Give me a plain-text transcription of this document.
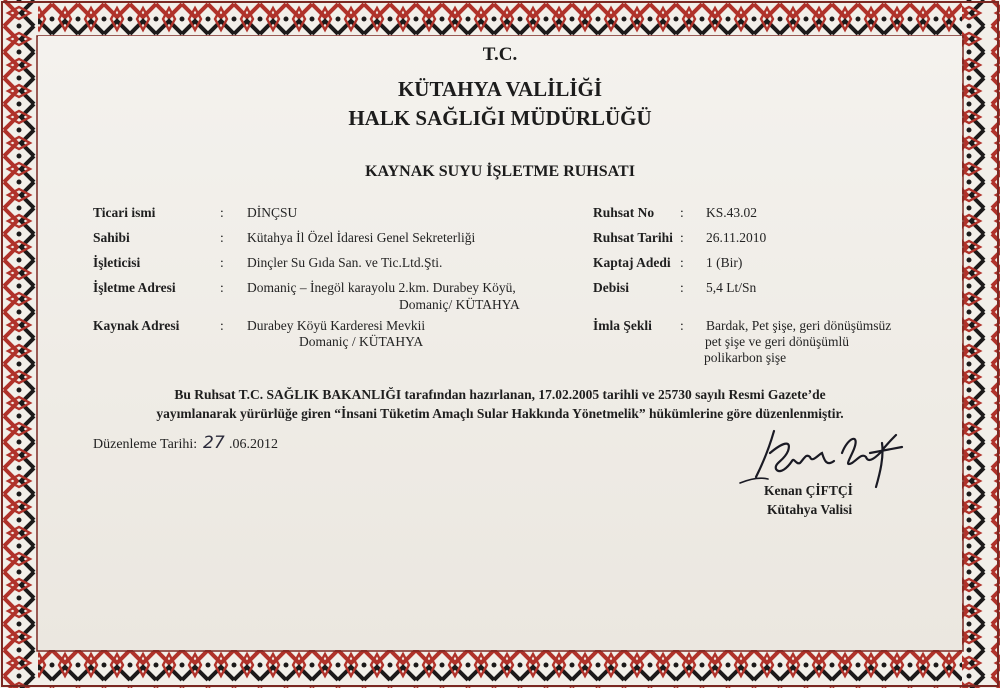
T.C.
KÜTAHYA VALİLİĞİ
HALK SAĞLIĞI MÜDÜRLÜĞÜ
KAYNAK SUYU İŞLETME RUHSATI
Ticari ismi	: DİNÇSU
Sahibi	: Kütahya İl Özel İdaresi Genel Sekreterliği
İşleticisi	: Dinçler Su Gıda San. ve Tic.Ltd.Şti.
İşletme Adresi	: Domaniç – İnegöl karayolu 2.km. Durabey Köyü,
Domaniç/ KÜTAHYA
Kaynak Adresi	: Durabey Köyü Karderesi Mevkii
Domaniç / KÜTAHYA
Ruhsat No : KS.43.02
Ruhsat Tarihi : 26.11.2010
Kaptaj Adedi : 1 (Bir)
Debisi	: 5,4 Lt/Sn
İmla Şekli : Bardak, Pet şişe, geri dönüşümsüz
pet şişe ve geri dönüşümlü
polikarbon şişe
Bu Ruhsat T.C. SAĞLIK BAKANLIĞI tarafından hazırlanan, 17.02.2005 tarihli ve 25730 sayılı Resmi Gazete’de
yayımlanarak yürürlüğe giren “İnsani Tüketim Amaçlı Sular Hakkında Yönetmelik” hükümlerine göre düzenlenmiştir.
Düzenleme Tarihi: 27 .06.2012
Kenan ÇİFTÇİ
Kütahya Valisi
